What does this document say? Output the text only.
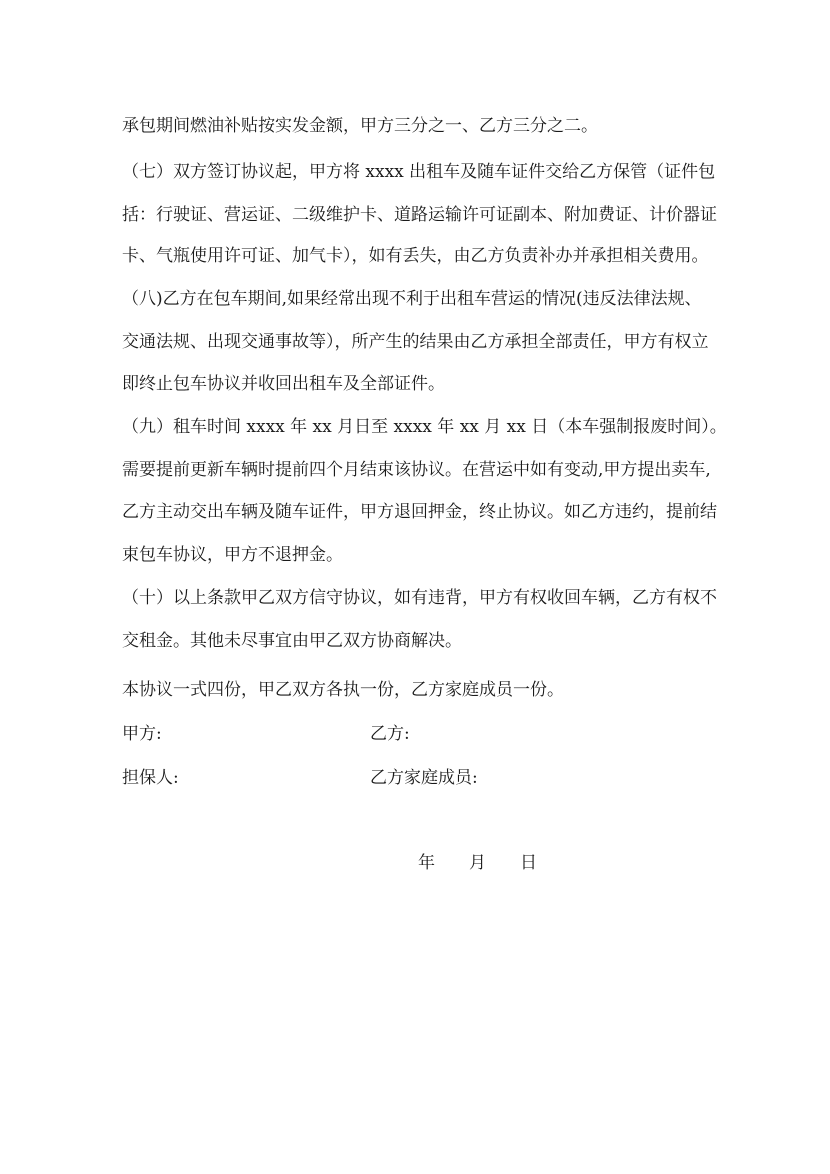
承包期间燃油补贴按实发金额，甲方三分之一、乙方三分之二。
（七）双方签订协议起，甲方将 xxxx 出租车及随车证件交给乙方保管（证件包
括：行驶证、营运证、二级维护卡、道路运输许可证副本、附加费证、计价器证
卡、气瓶使用许可证、加气卡），如有丢失，由乙方负责补办并承担相关费用。
（八)乙方在包车期间,如果经常出现不利于出租车营运的情况(违反法律法规、
交通法规、出现交通事故等），所产生的结果由乙方承担全部责任，甲方有权立
即终止包车协议并收回出租车及全部证件。
（九）租车时间 xxxx 年 xx 月日至 xxxx 年 xx 月 xx 日（本车强制报废时间）。
需要提前更新车辆时提前四个月结束该协议。在营运中如有变动,甲方提出卖车,
乙方主动交出车辆及随车证件，甲方退回押金，终止协议。如乙方违约，提前结
束包车协议，甲方不退押金。
（十）以上条款甲乙双方信守协议，如有违背，甲方有权收回车辆，乙方有权不
交租金。其他未尽事宜由甲乙双方协商解决。
本协议一式四份，甲乙双方各执一份，乙方家庭成员一份。
甲方:	乙方:
担保人:	乙方家庭成员:
年　　月　　日
